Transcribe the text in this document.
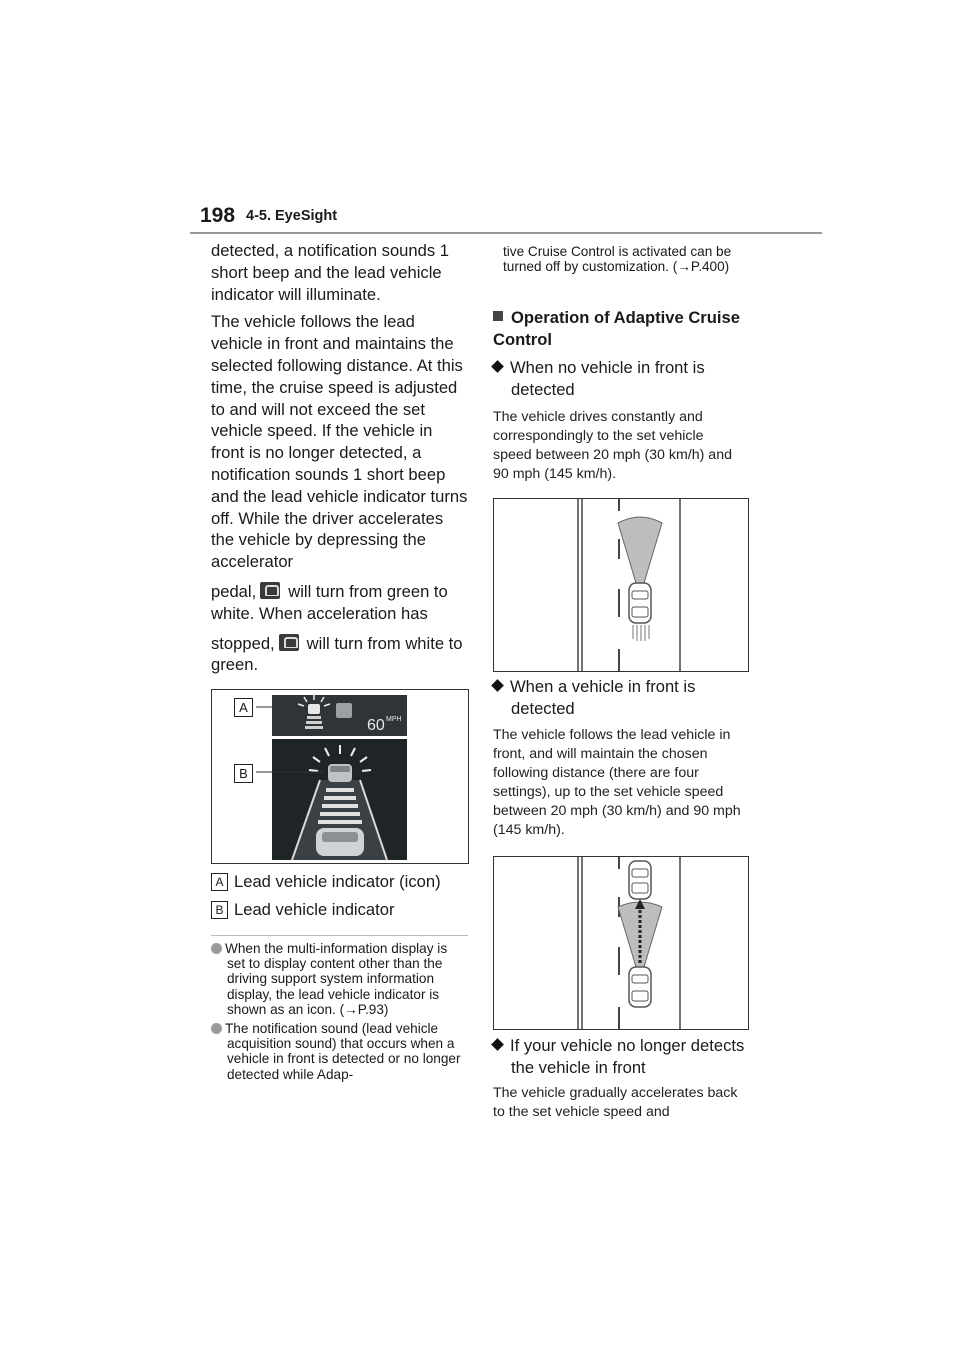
198 4-5. EyeSight

detected, a notification sounds 1 short beep and the lead vehicle indicator will illuminate.

The vehicle follows the lead vehicle in front and maintains the selected following distance. At this time, the cruise speed is adjusted to and will not exceed the set vehicle speed. If the vehicle in front is no longer detected, a notification sounds 1 short beep and the lead vehicle indicator turns off. While the driver accelerates the vehicle by depressing the accelerator

pedal, will turn from green to white. When acceleration has

stopped, will turn from white to green.

60 MPH
A
B
A Lead vehicle indicator (icon)
B Lead vehicle indicator

When the multi-information display is set to display content other than the driving support system information display, the lead vehicle indicator is shown as an icon. (→P.93)

The notification sound (lead vehicle acquisition sound) that occurs when a vehicle in front is detected or no longer detected while Adap-

tive Cruise Control is activated can be turned off by customization. (→P.400)
Operation of Adaptive Cruise Control
When no vehicle in front is detected
The vehicle drives constantly and correspondingly to the set vehicle speed between 20 mph (30 km/h) and 90 mph (145 km/h).
When a vehicle in front is detected
The vehicle follows the lead vehicle in front, and will maintain the chosen following distance (there are four settings), up to the set vehicle speed between 20 mph (30 km/h) and 90 mph (145 km/h).
If your vehicle no longer detects the vehicle in front
The vehicle gradually accelerates back to the set vehicle speed and
